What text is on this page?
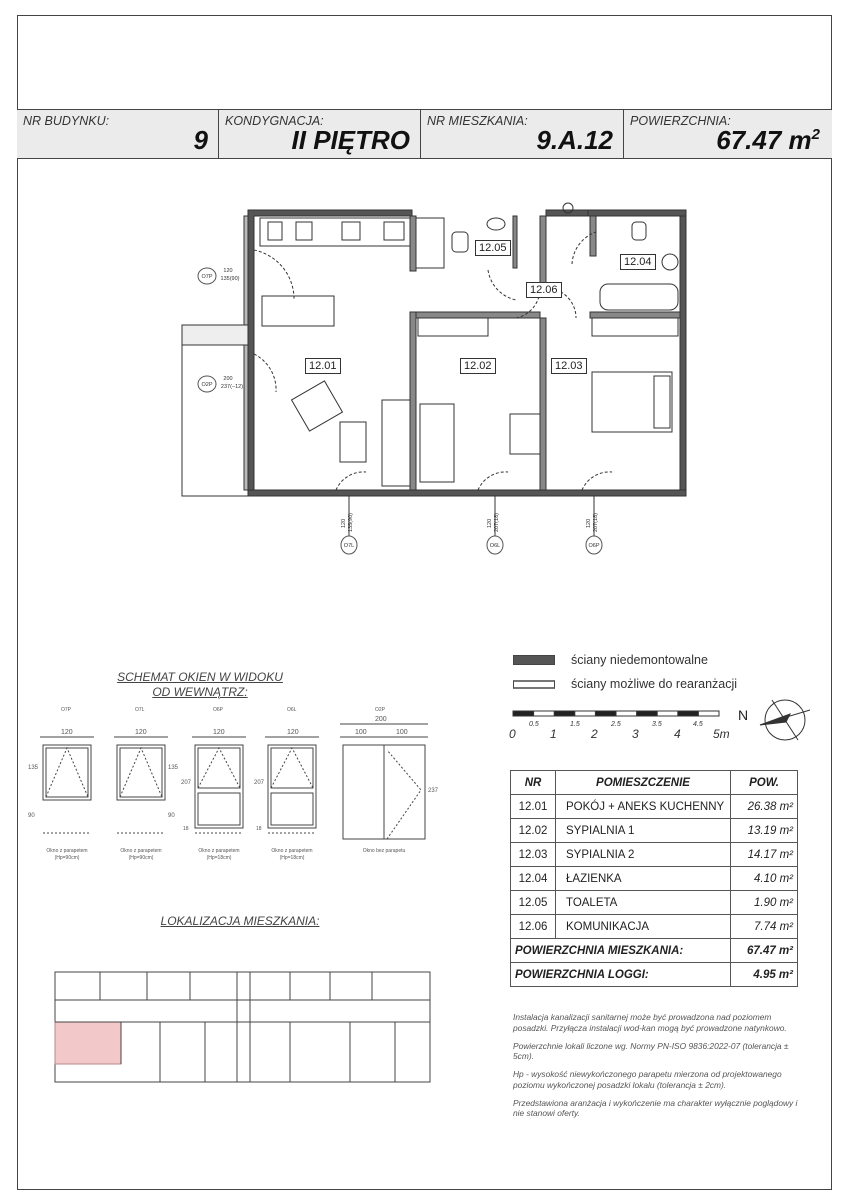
NR BUDYNKU:
9
KONDYGNACJA:
II PIĘTRO
NR MIESZKANIA:
9.A.12
POWIERZCHNIA:
67.47 $m^2$
O7P
O2P
O7L	O6L	O6P
120
135(90)
200
237(−12)
120 135(90)	120 207(18)	120 207(18)
12.01	12.02	12.03
12.04
12.05
12.06
ściany niedemontowalne
ściany możliwe do rearanżacji
0	1	2	3	4	5m
0.5	1.5	2.5	3.5	4.5
N
SCHEMAT OKIEN W WIDOKU
OD WEWNĄTRZ:
O7P	O7L	O6P	O6L	O2P
120	120	120	120
200
100	100
135
90
135
90
207
18
207
18
237
Okno z parapetem
(Hp=90cm)
Okno z parapetem
(Hp=90cm)
Okno z parapetem
(Hp=18cm)
Okno z parapetem
(Hp=18cm)
Okno bez parapetu
LOKALIZACJA MIESZKANIA:
NR	POMIESZCZENIE	POW.
12.01	POKÓJ + ANEKS KUCHENNY	26.38 m²
12.02	SYPIALNIA 1	13.19 m²
12.03	SYPIALNIA 2	14.17 m²
12.04	ŁAZIENKA	4.10 m²
12.05	TOALETA	1.90 m²
12.06	KOMUNIKACJA	7.74 m²
POWIERZCHNIA MIESZKANIA:		67.47 m²
POWIERZCHNIA LOGGI:		4.95 m²

Instalacja kanalizacji sanitarnej może być prowadzona nad poziomem posadzki. Przyłącza instalacji wod-kan mogą być prowadzone natynkowo.

Powierzchnie lokali liczone wg. Normy PN-ISO 9836:2022-07 (tolerancja ± 5cm).

Hp - wysokość niewykończonego parapetu mierzona od projektowanego poziomu wykończonej posadzki lokalu (tolerancja ± 2cm).

Przedstawiona aranżacja i wykończenie ma charakter wyłącznie poglądowy i nie stanowi oferty.
